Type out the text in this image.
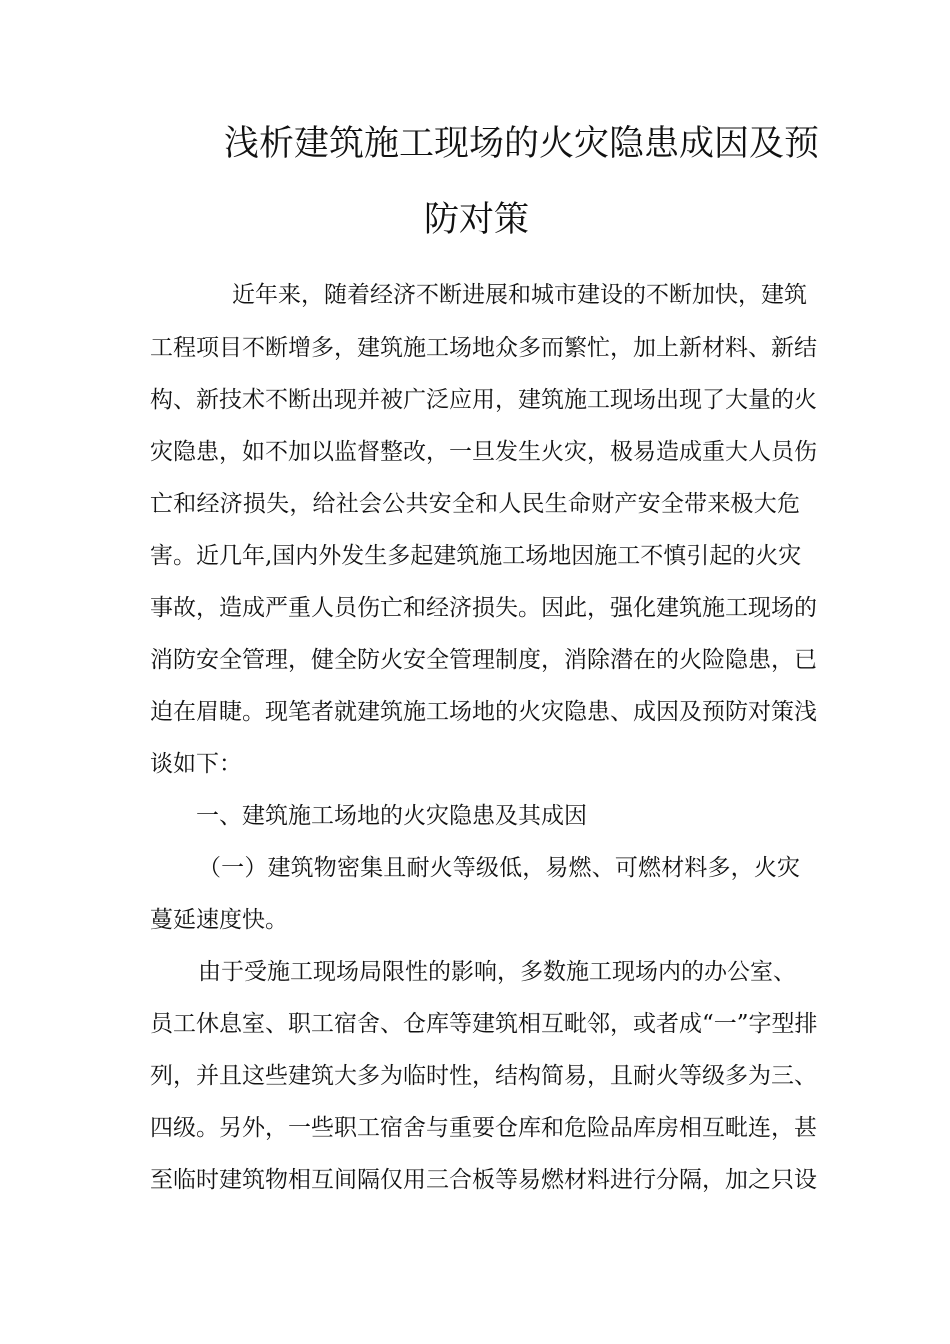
浅析建筑施工现场的火灾隐患成因及预
防对策
近年来，随着经济不断进展和城市建设的不断加快，建筑
工程项目不断增多，建筑施工场地众多而繁忙，加上新材料、新结
构、新技术不断出现并被广泛应用，建筑施工现场出现了大量的火
灾隐患，如不加以监督整改，一旦发生火灾，极易造成重大人员伤
亡和经济损失，给社会公共安全和人民生命财产安全带来极大危
害。近几年,国内外发生多起建筑施工场地因施工不慎引起的火灾
事故，造成严重人员伤亡和经济损失。因此，强化建筑施工现场的
消防安全管理，健全防火安全管理制度，消除潜在的火险隐患，已
迫在眉睫。现笔者就建筑施工场地的火灾隐患、成因及预防对策浅
谈如下：
一、建筑施工场地的火灾隐患及其成因
（一）建筑物密集且耐火等级低，易燃、可燃材料多，火灾
蔓延速度快。
由于受施工现场局限性的影响，多数施工现场内的办公室、
员工休息室、职工宿舍、仓库等建筑相互毗邻，或者成“一”字型排
列，并且这些建筑大多为临时性，结构简易，且耐火等级多为三、
四级。另外，一些职工宿舍与重要仓库和危险品库房相互毗连，甚
至临时建筑物相互间隔仅用三合板等易燃材料进行分隔，加之只设
